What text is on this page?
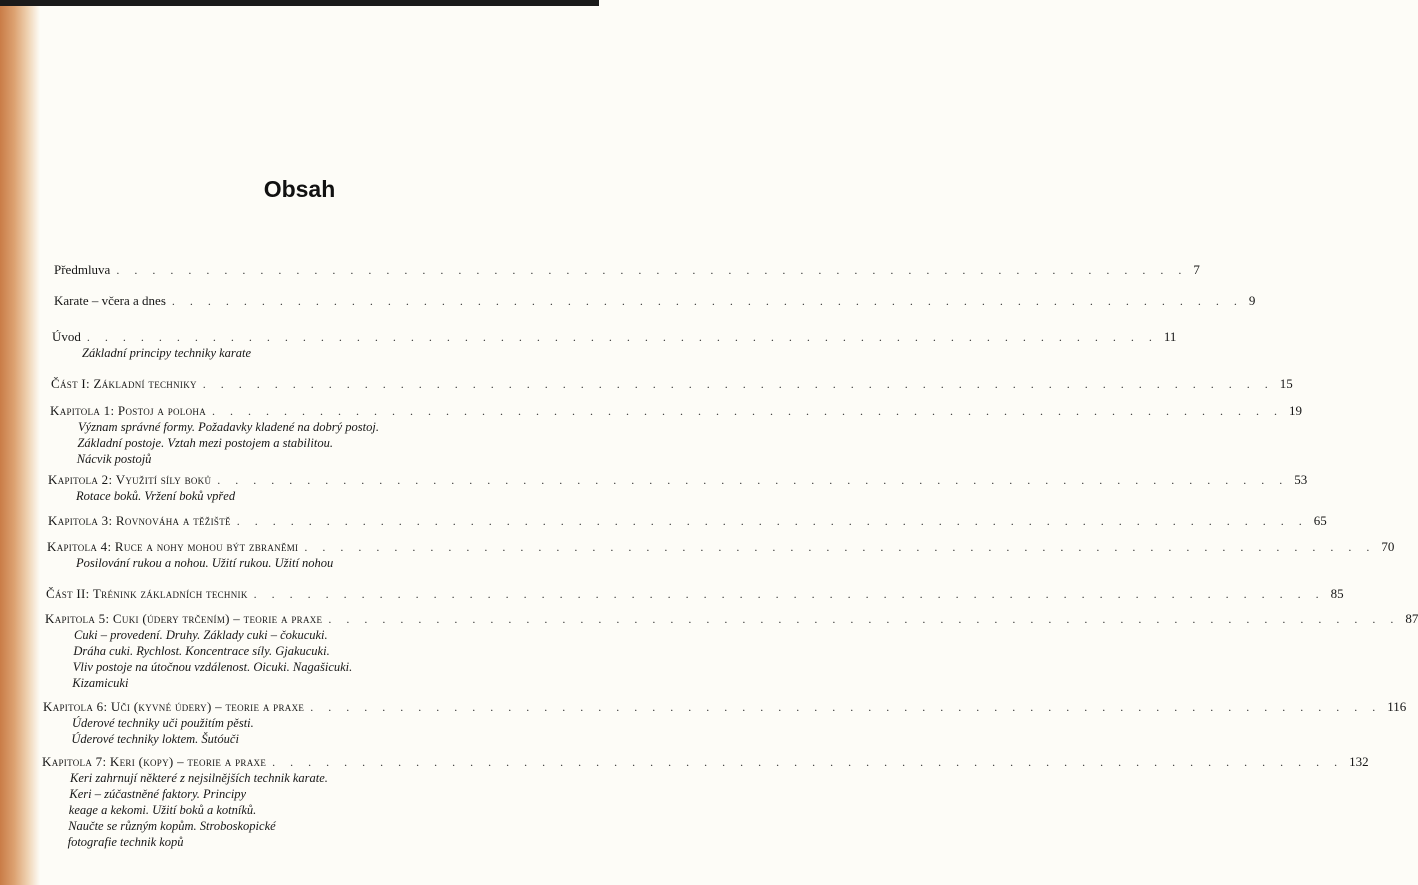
Obsah
Předmluva . . . . . . . . . . . . . . . . . . . . . . . . . . . . . . . . . . . . . . . . . . . . . . . . . . . . . . . . . . . . 7
Karate – včera a dnes . . . . . . . . . . . . . . . . . . . . . . . . . . . . . . . . . . . . . . . . . . . . . . . . . . . . . . . . . . . . 9
Úvod . . . . . . . . . . . . . . . . . . . . . . . . . . . . . . . . . . . . . . . . . . . . . . . . . . . . . . . . . . . . 11
Základní principy techniky karate
Část I: Základní techniky . . . . . . . . . . . . . . . . . . . . . . . . . . . . . . . . . . . . . . . . . . . . . . . . . . . . . . . . . . . . 15
Kapitola 1: Postoj a poloha . . . . . . . . . . . . . . . . . . . . . . . . . . . . . . . . . . . . . . . . . . . . . . . . . . . . . . . . . . . . 19
Význam správné formy. Požadavky kladené na dobrý postoj.
Základní postoje. Vztah mezi postojem a stabilitou.
Nácvik postojů
Kapitola 2: Využití síly boků . . . . . . . . . . . . . . . . . . . . . . . . . . . . . . . . . . . . . . . . . . . . . . . . . . . . . . . . . . . . 53
Rotace boků. Vržení boků vpřed
Kapitola 3: Rovnováha a těžiště . . . . . . . . . . . . . . . . . . . . . . . . . . . . . . . . . . . . . . . . . . . . . . . . . . . . . . . . . . . . 65
Kapitola 4: Ruce a nohy mohou být zbraněmi . . . . . . . . . . . . . . . . . . . . . . . . . . . . . . . . . . . . . . . . . . . . . . . . . . . . . . . . . . . . 70
Posilování rukou a nohou. Užití rukou. Užití nohou
Část II: Trénink základních technik . . . . . . . . . . . . . . . . . . . . . . . . . . . . . . . . . . . . . . . . . . . . . . . . . . . . . . . . . . . . 85
Kapitola 5: Cuki (údery trčením) – teorie a praxe . . . . . . . . . . . . . . . . . . . . . . . . . . . . . . . . . . . . . . . . . . . . . . . . . . . . . . . . . . . . 87
Cuki – provedení. Druhy. Základy cuki – čokucuki.
Dráha cuki. Rychlost. Koncentrace síly. Gjakucuki.
Vliv postoje na útočnou vzdálenost. Oicuki. Nagašicuki.
Kizamicuki
Kapitola 6: Uči (kyvné údery) – teorie a praxe . . . . . . . . . . . . . . . . . . . . . . . . . . . . . . . . . . . . . . . . . . . . . . . . . . . . . . . . . . . . 116
Úderové techniky uči použitím pěsti.
Úderové techniky loktem. Šutóuči
Kapitola 7: Keri (kopy) – teorie a praxe . . . . . . . . . . . . . . . . . . . . . . . . . . . . . . . . . . . . . . . . . . . . . . . . . . . . . . . . . . . . 132
Keri zahrnují některé z nejsilnějších technik karate.
Keri – zúčastněné faktory. Principy
keage a kekomi. Užití boků a kotníků.
Naučte se různým kopům. Stroboskopické
fotografie technik kopů
